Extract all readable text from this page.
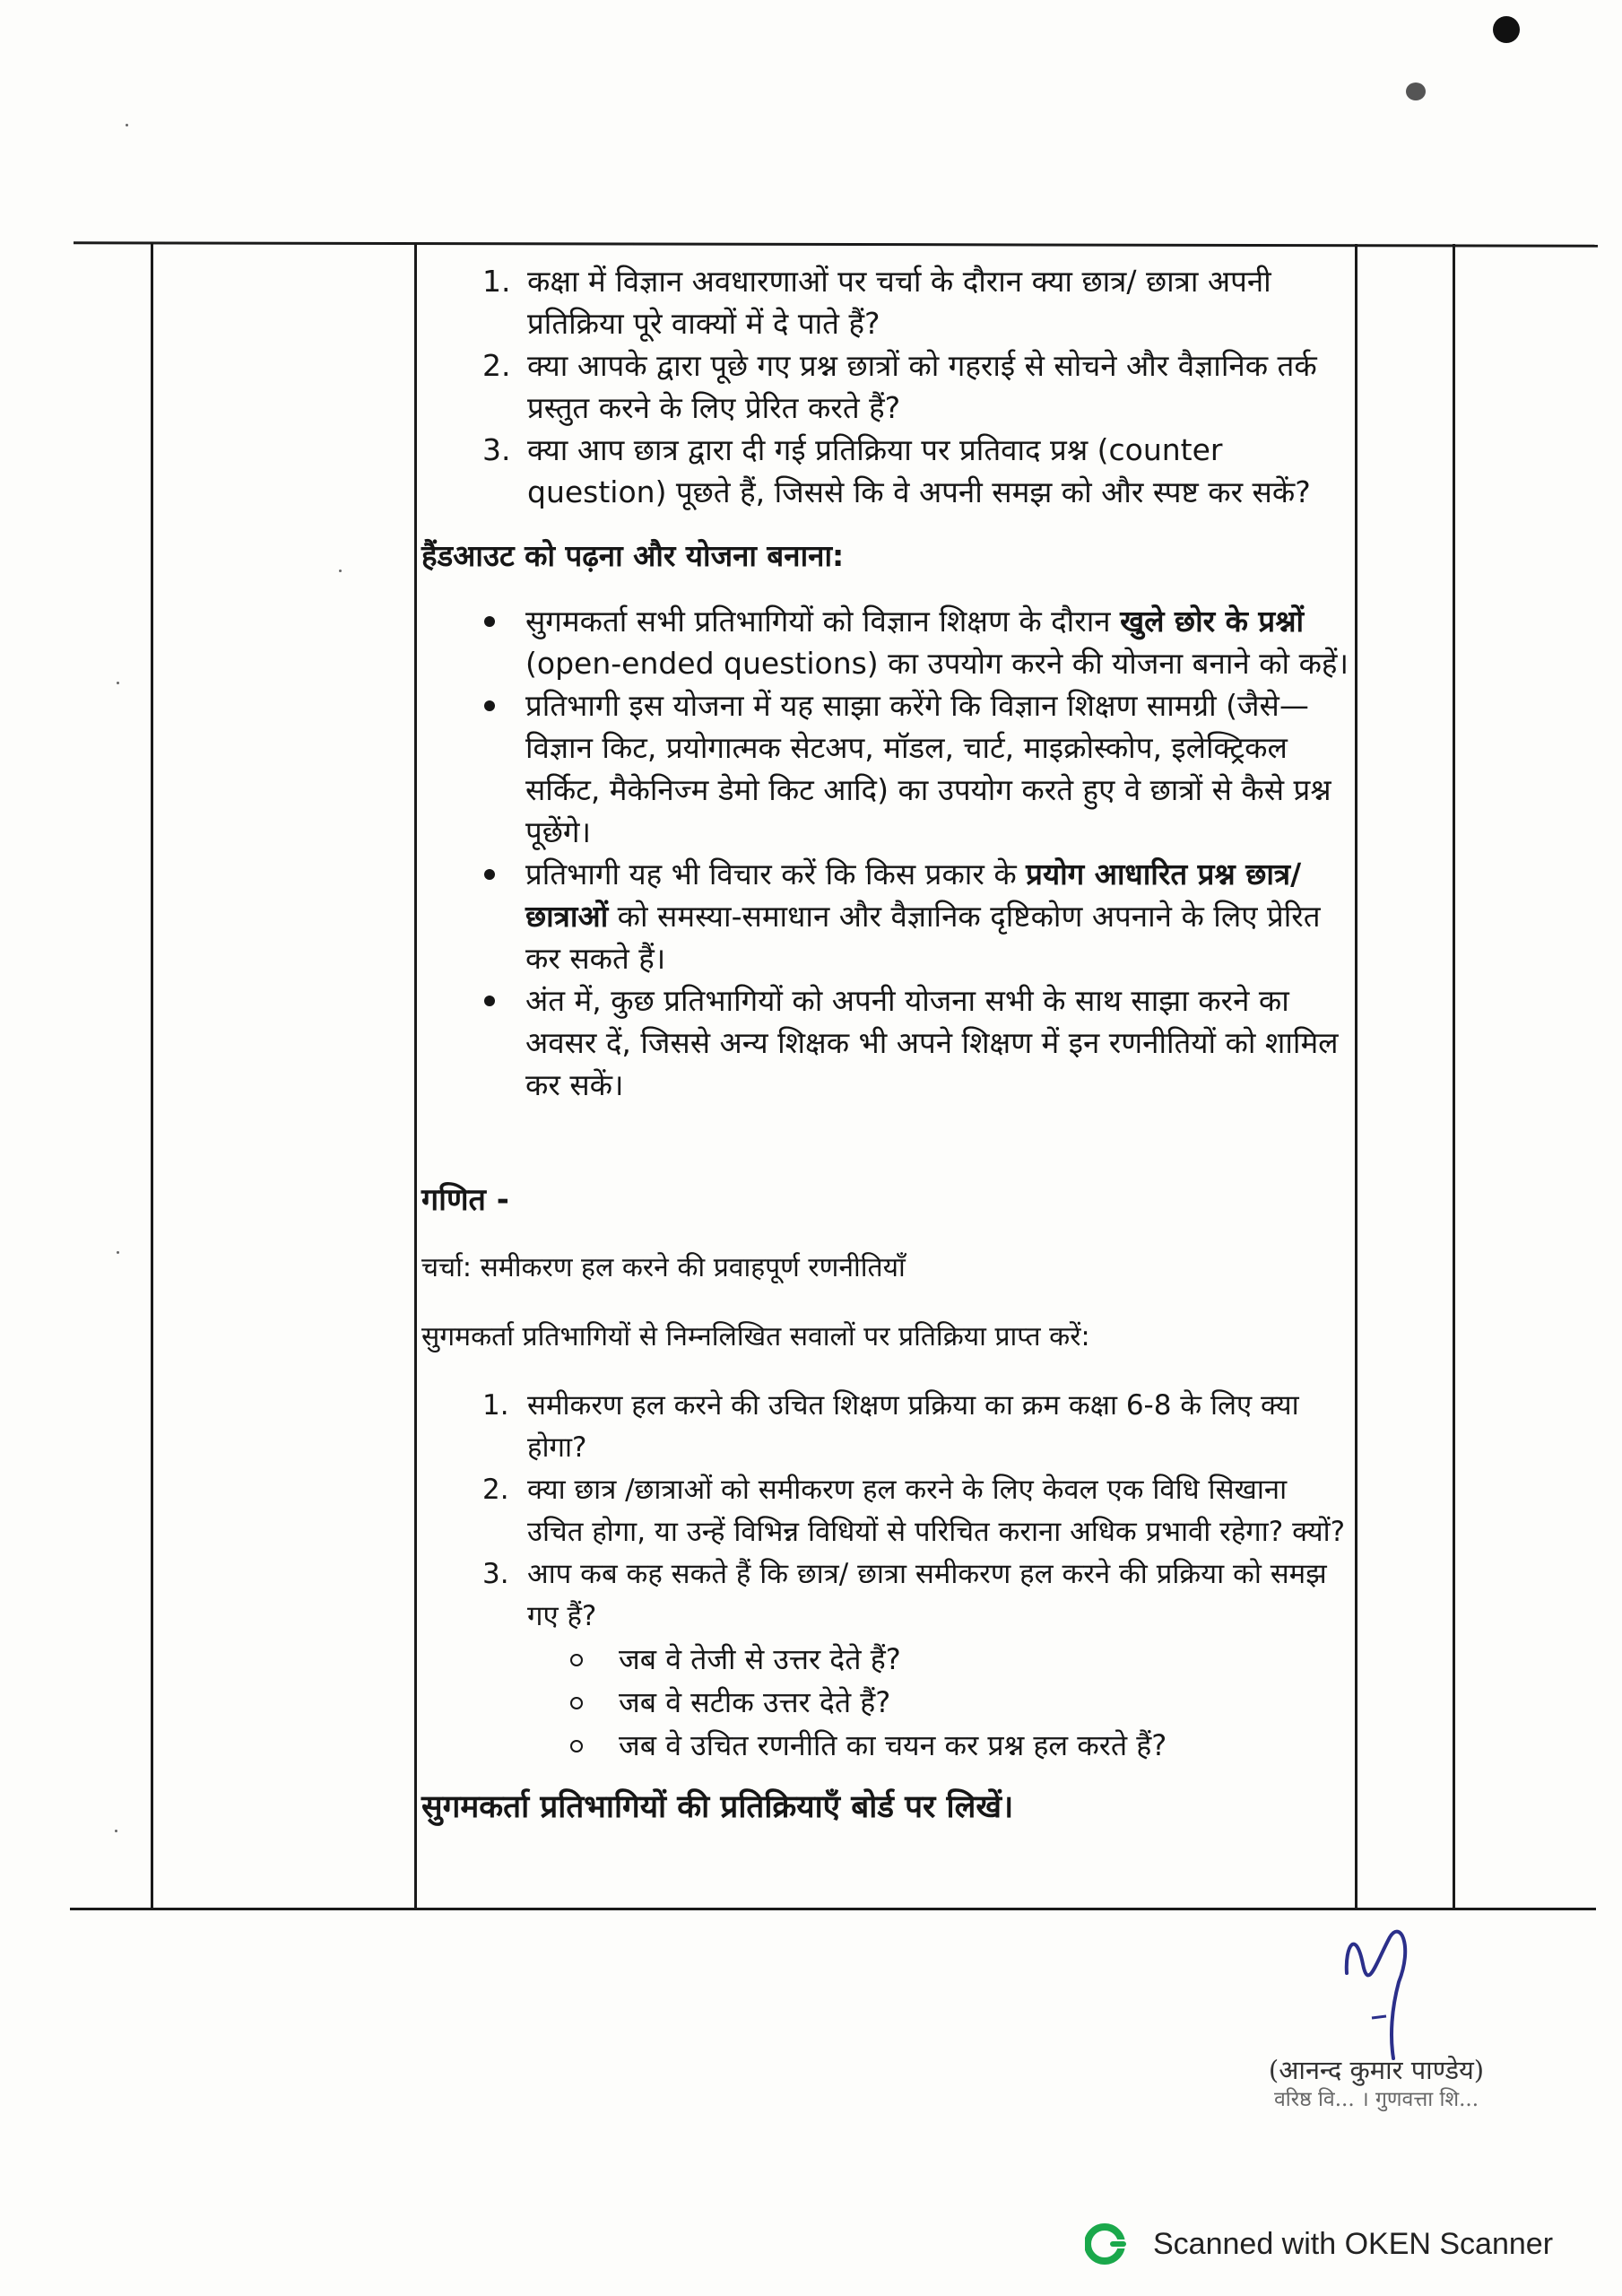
1. कक्षा में विज्ञान अवधारणाओं पर चर्चा के दौरान क्या छात्र/ छात्रा अपनी प्रतिक्रिया पूरे वाक्यों में दे पाते हैं?
2. क्या आपके द्वारा पूछे गए प्रश्न छात्रों को गहराई से सोचने और वैज्ञानिक तर्क प्रस्तुत करने के लिए प्रेरित करते हैं?
3. क्या आप छात्र द्वारा दी गई प्रतिक्रिया पर प्रतिवाद प्रश्न (counter question) पूछते हैं, जिससे कि वे अपनी समझ को और स्पष्ट कर सकें?

हैंडआउट को पढ़ना और योजना बनाना:

सुगमकर्ता सभी प्रतिभागियों को विज्ञान शिक्षण के दौरान खुले छोर के प्रश्नों (open-ended questions) का उपयोग करने की योजना बनाने को कहें।
प्रतिभागी इस योजना में यह साझा करेंगे कि विज्ञान शिक्षण सामग्री (जैसे—विज्ञान किट, प्रयोगात्मक सेटअप, मॉडल, चार्ट, माइक्रोस्कोप, इलेक्ट्रिकल सर्किट, मैकेनिज्म डेमो किट आदि) का उपयोग करते हुए वे छात्रों से कैसे प्रश्न पूछेंगे।
प्रतिभागी यह भी विचार करें कि किस प्रकार के प्रयोग आधारित प्रश्न छात्र/ छात्राओं को समस्या-समाधान और वैज्ञानिक दृष्टिकोण अपनाने के लिए प्रेरित कर सकते हैं।
अंत में, कुछ प्रतिभागियों को अपनी योजना सभी के साथ साझा करने का अवसर दें, जिससे अन्य शिक्षक भी अपने शिक्षण में इन रणनीतियों को शामिल कर सकें।

गणित -

चर्चा: समीकरण हल करने की प्रवाहपूर्ण रणनीतियाँ

सुगमकर्ता प्रतिभागियों से निम्नलिखित सवालों पर प्रतिक्रिया प्राप्त करें:

1. समीकरण हल करने की उचित शिक्षण प्रक्रिया का क्रम कक्षा 6-8 के लिए क्या होगा?
2. क्या छात्र /छात्राओं को समीकरण हल करने के लिए केवल एक विधि सिखाना उचित होगा, या उन्हें विभिन्न विधियों से परिचित कराना अधिक प्रभावी रहेगा? क्यों?
3. आप कब कह सकते हैं कि छात्र/ छात्रा समीकरण हल करने की प्रक्रिया को समझ गए हैं?
जब वे तेजी से उत्तर देते हैं?
जब वे सटीक उत्तर देते हैं?
जब वे उचित रणनीति का चयन कर प्रश्न हल करते हैं?

सुगमकर्ता प्रतिभागियों की प्रतिक्रियाएँ बोर्ड पर लिखें।

(आनन्द कुमार पाण्डेय)
वरिष्ठ वि... । गुणवत्ता शि...
Scanned with OKEN Scanner
